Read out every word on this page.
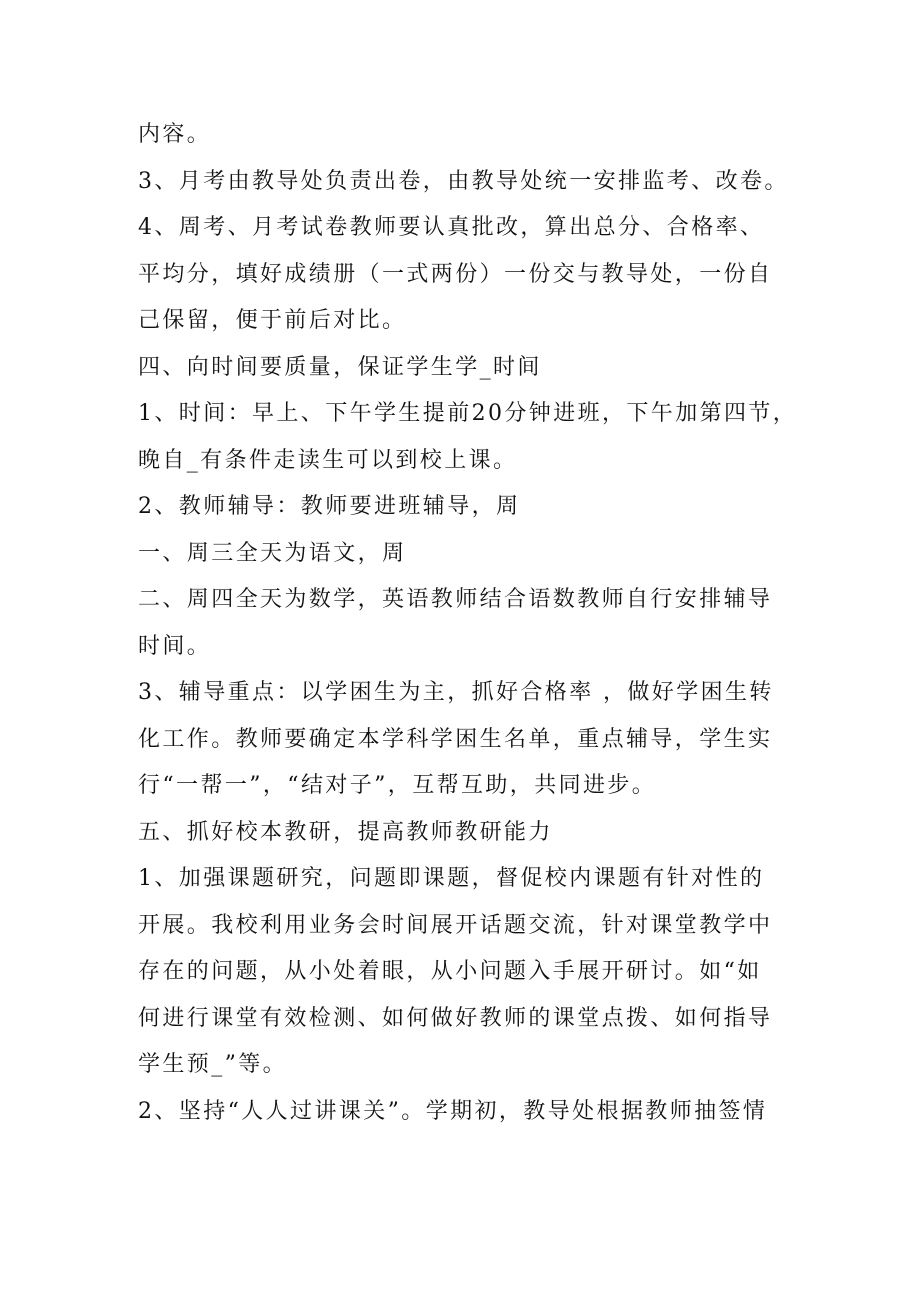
内容。

3、月考由教导处负责出卷，由教导处统一安排监考、改卷。

4、周考、月考试卷教师要认真批改，算出总分、合格率、

平均分，填好成绩册（一式两份）一份交与教导处，一份自

己保留，便于前后对比。

四、向时间要质量，保证学生学_时间

1、时间：早上、下午学生提前20分钟进班，下午加第四节，

晚自_有条件走读生可以到校上课。

2、教师辅导：教师要进班辅导，周

一、周三全天为语文，周

二、周四全天为数学，英语教师结合语数教师自行安排辅导

时间。

3、辅导重点：以学困生为主，抓好合格率 ，做好学困生转

化工作。教师要确定本学科学困生名单，重点辅导，学生实

行“一帮一”，“结对子”，互帮互助，共同进步。

五、抓好校本教研，提高教师教研能力

1、加强课题研究，问题即课题，督促校内课题有针对性的

开展。我校利用业务会时间展开话题交流，针对课堂教学中

存在的问题，从小处着眼，从小问题入手展开研讨。如“如

何进行课堂有效检测、如何做好教师的课堂点拨、如何指导

学生预_”等。

2、坚持“人人过讲课关”。学期初，教导处根据教师抽签情
